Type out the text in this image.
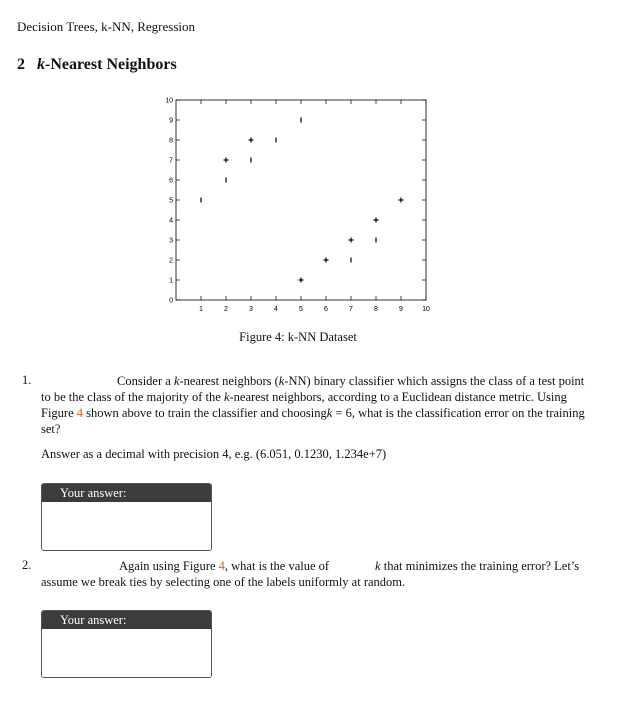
Decision Trees, k-NN, Regression
2 k-Nearest Neighbors
1	2	3	4	5	6	7	8	9	10
0
1
2
3
4
5
6
7
8
9
10
Figure 4: k-NN Dataset
1.	Consider a k-nearest neighbors (k-NN) binary classifier which assigns the class of a test point to be the class of the majority of the k-nearest neighbors, according to a Euclidean distance metric. Using Figure 4 shown above to train the classifier and choosingk = 6, what is the classification error on the training set?
Answer as a decimal with precision 4, e.g. (6.051, 0.1230, 1.234e+7)
Your answer:
2.	Again using Figure 4, what is the value of	k that minimizes the training error? Let’s assume we break ties by selecting one of the labels uniformly at random.
Your answer:
